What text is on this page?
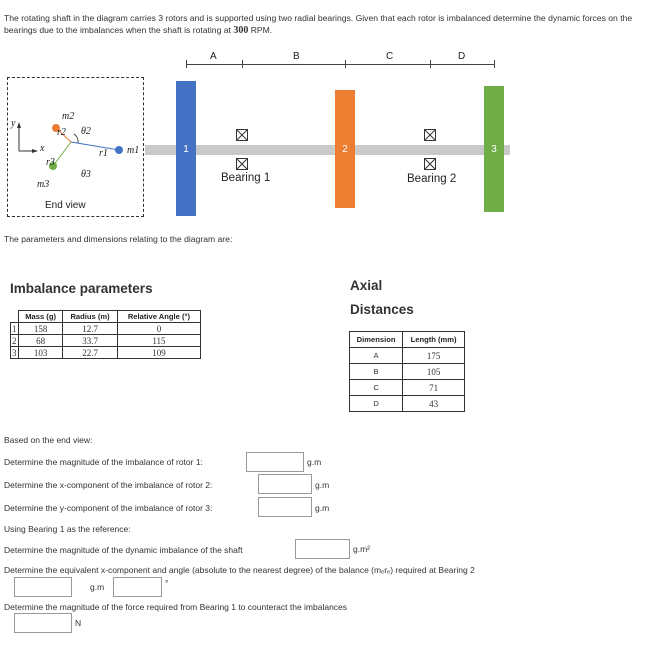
The rotating shaft in the diagram carries 3 rotors and is supported using two radial bearings. Given that each rotor is imbalanced determine the dynamic forces on the bearings due to the imbalances when the shaft is rotating at 300 RPM.
y
x
m2
r2 θ2
r1 m1
r3
θ3
m3
End view
1	2	3
Bearing 1	Bearing 2
A	B	C	D
The parameters and dimensions relating to the diagram are:
Imbalance parameters
	Mass (g)	Radius (m)	Relative Angle (°)
1	158	12.7	0
2	68	33.7	115
3	103	22.7	109
Axial
Distances
Dimension	Length (mm)
A	175
B	105
C	71
D	43
Based on the end view:
Determine the magnitude of the imbalance of rotor 1:	g.m
Determine the x-component of the imbalance of rotor 2:	g.m
Determine the y-component of the imbalance of rotor 3:	g.m
Using Bearing 1 as the reference:
Determine the magnitude of the dynamic imbalance of the shaft	g.m²
Determine the equivalent x-component and angle (absolute to the nearest degree) of the balance (mₑrₑ) required at Bearing 2
g.m	°
Determine the magnitude of the force required from Bearing 1 to counteract the imbalances
N
